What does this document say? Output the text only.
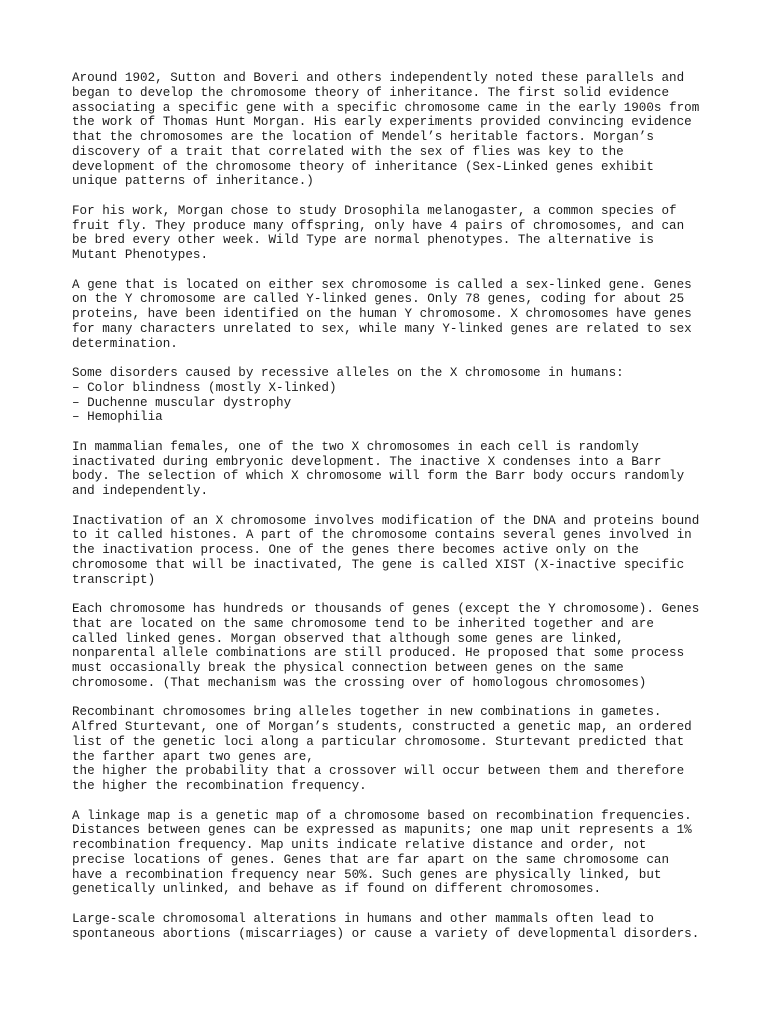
Around 1902, Sutton and Boveri and others independently noted these parallels and
began to develop the chromosome theory of inheritance. The first solid evidence
associating a specific gene with a specific chromosome came in the early 1900s from
the work of Thomas Hunt Morgan. His early experiments provided convincing evidence
that the chromosomes are the location of Mendel’s heritable factors. Morgan’s
discovery of a trait that correlated with the sex of flies was key to the
development of the chromosome theory of inheritance (Sex-Linked genes exhibit
unique patterns of inheritance.)
For his work, Morgan chose to study Drosophila melanogaster, a common species of
fruit fly. They produce many offspring, only have 4 pairs of chromosomes, and can
be bred every other week. Wild Type are normal phenotypes. The alternative is
Mutant Phenotypes.
A gene that is located on either sex chromosome is called a sex-linked gene. Genes
on the Y chromosome are called Y-linked genes. Only 78 genes, coding for about 25
proteins, have been identified on the human Y chromosome. X chromosomes have genes
for many characters unrelated to sex, while many Y-linked genes are related to sex
determination.
Some disorders caused by recessive alleles on the X chromosome in humans:
– Color blindness (mostly X-linked)
– Duchenne muscular dystrophy
– Hemophilia
In mammalian females, one of the two X chromosomes in each cell is randomly
inactivated during embryonic development. The inactive X condenses into a Barr
body. The selection of which X chromosome will form the Barr body occurs randomly
and independently.
Inactivation of an X chromosome involves modification of the DNA and proteins bound
to it called histones. A part of the chromosome contains several genes involved in
the inactivation process. One of the genes there becomes active only on the
chromosome that will be inactivated, The gene is called XIST (X-inactive specific
transcript)
Each chromosome has hundreds or thousands of genes (except the Y chromosome). Genes
that are located on the same chromosome tend to be inherited together and are
called linked genes. Morgan observed that although some genes are linked,
nonparental allele combinations are still produced. He proposed that some process
must occasionally break the physical connection between genes on the same
chromosome. (That mechanism was the crossing over of homologous chromosomes)
Recombinant chromosomes bring alleles together in new combinations in gametes.
Alfred Sturtevant, one of Morgan’s students, constructed a genetic map, an ordered
list of the genetic loci along a particular chromosome. Sturtevant predicted that
the farther apart two genes are,
the higher the probability that a crossover will occur between them and therefore
the higher the recombination frequency.
A linkage map is a genetic map of a chromosome based on recombination frequencies.
Distances between genes can be expressed as mapunits; one map unit represents a 1%
recombination frequency. Map units indicate relative distance and order, not
precise locations of genes. Genes that are far apart on the same chromosome can
have a recombination frequency near 50%. Such genes are physically linked, but
genetically unlinked, and behave as if found on different chromosomes.
Large-scale chromosomal alterations in humans and other mammals often lead to
spontaneous abortions (miscarriages) or cause a variety of developmental disorders.
